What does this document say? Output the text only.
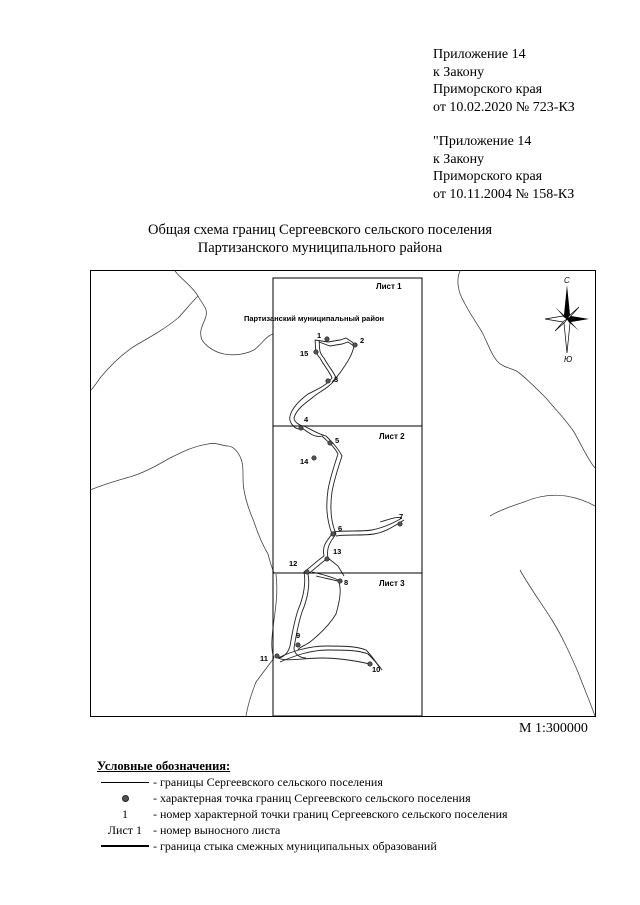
Приложение 14
к Закону
Приморского края
от 10.02.2020 № 723-КЗ
"Приложение 14
к Закону
Приморского края
от 10.11.2004 № 158-КЗ
Общая схема границ Сергеевского сельского поселения
Партизанского муниципального района
Лист 1
Лист 2
Лист 3
Партизанский муниципальный район
1
2
3
4
5
6
7
8
9
10
11
12
13
14
15
С
Ю
М 1:300000
Условные обозначения:
- границы Сергеевского сельского поселения
- характерная точка границ Сергеевского сельского поселения
1	- номер характерной точки границ Сергеевского сельского поселения
Лист 1 - номер выносного листа
- граница стыка смежных муниципальных образований
